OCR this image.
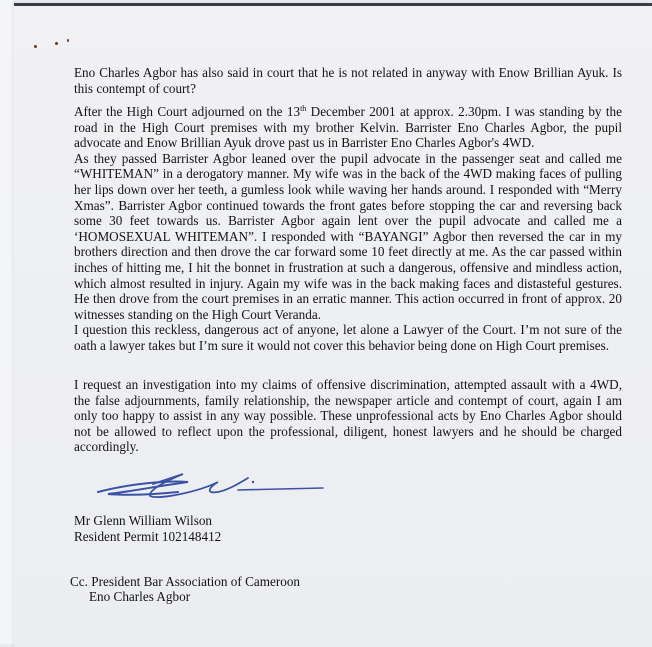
Eno Charles Agbor has also said in court that he is not related in anyway with Enow Brillian Ayuk. Is this contempt of court?

After the High Court adjourned on the 13th December 2001 at approx. 2.30pm. I was standing by the road in the High Court premises with my brother Kelvin. Barrister Eno Charles Agbor, the pupil advocate and Enow Brillian Ayuk drove past us in Barrister Eno Charles Agbor's 4WD.

As they passed Barrister Agbor leaned over the pupil advocate in the passenger seat and called me “WHITEMAN” in a derogatory manner. My wife was in the back of the 4WD making faces of pulling her lips down over her teeth, a gumless look while waving her hands around. I responded with “Merry Xmas”. Barrister Agbor continued towards the front gates before stopping the car and reversing back some 30 feet towards us. Barrister Agbor again lent over the pupil advocate and called me a ‘HOMOSEXUAL WHITEMAN”. I responded with “BAYANGI” Agbor then reversed the car in my brothers direction and then drove the car forward some 10 feet directly at me. As the car passed within inches of hitting me, I hit the bonnet in frustration at such a dangerous, offensive and mindless action, which almost resulted in injury. Again my wife was in the back making faces and distasteful gestures. He then drove from the court premises in an erratic manner. This action occurred in front of approx. 20 witnesses standing on the High Court Veranda.

I question this reckless, dangerous act of anyone, let alone a Lawyer of the Court. I’m not sure of the oath a lawyer takes but I’m sure it would not cover this behavior being done on High Court premises.

I request an investigation into my claims of offensive discrimination, attempted assault with a 4WD, the false adjournments, family relationship, the newspaper article and contempt of court, again I am only too happy to assist in any way possible. These unprofessional acts by Eno Charles Agbor should not be allowed to reflect upon the professional, diligent, honest lawyers and he should be charged accordingly.

Mr Glenn William Wilson
Resident Permit 102148412
Cc. President Bar Association of Cameroon
Eno Charles Agbor
